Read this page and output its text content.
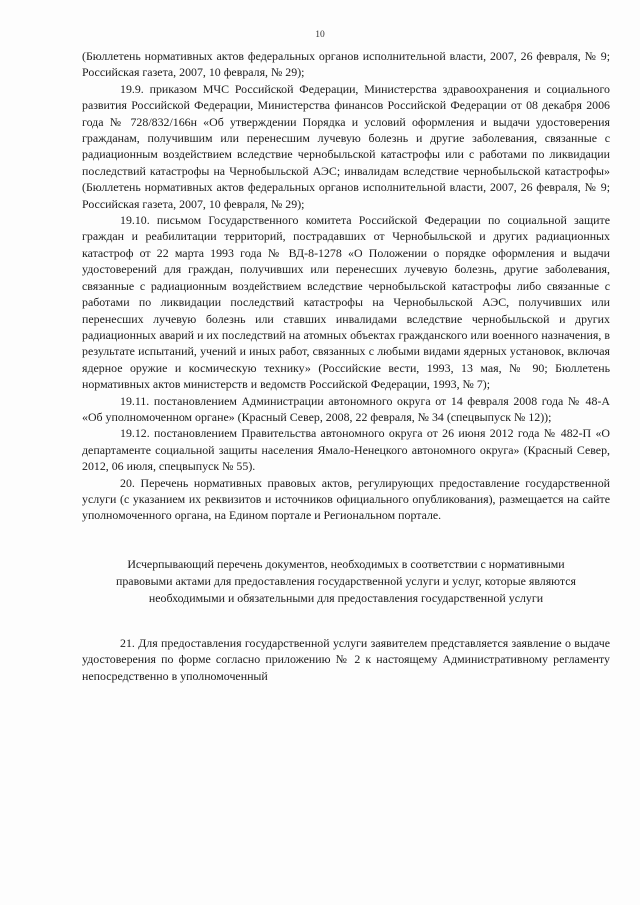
10

(Бюллетень нормативных актов федеральных органов исполнительной власти, 2007, 26 февраля, № 9; Российская газета, 2007, 10 февраля, № 29);

19.9. приказом МЧС Российской Федерации, Министерства здравоохранения и социального развития Российской Федерации, Министерства финансов Российской Федерации от 08 декабря 2006 года № 728/832/166н «Об утверждении Порядка и условий оформления и выдачи удостоверения гражданам, получившим или перенесшим лучевую болезнь и другие заболевания, связанные с радиационным воздействием вследствие чернобыльской катастрофы или с работами по ликвидации последствий катастрофы на Чернобыльской АЭС; инвалидам вследствие чернобыльской катастрофы» (Бюллетень нормативных актов федеральных органов исполнительной власти, 2007, 26 февраля, № 9; Российская газета, 2007, 10 февраля, № 29);

19.10. письмом Государственного комитета Российской Федерации по социальной защите граждан и реабилитации территорий, пострадавших от Чернобыльской и других радиационных катастроф от 22 марта 1993 года № ВД-8-1278 «О Положении о порядке оформления и выдачи удостоверений для граждан, получивших или перенесших лучевую болезнь, другие заболевания, связанные с радиационным воздействием вследствие чернобыльской катастрофы либо связанные с работами по ликвидации последствий катастрофы на Чернобыльской АЭС, получивших или перенесших лучевую болезнь или ставших инвалидами вследствие чернобыльской и других радиационных аварий и их последствий на атомных объектах гражданского или военного назначения, в результате испытаний, учений и иных работ, связанных с любыми видами ядерных установок, включая ядерное оружие и космическую технику» (Российские вести, 1993, 13 мая, № 90; Бюллетень нормативных актов министерств и ведомств Российской Федерации, 1993, № 7);

19.11. постановлением Администрации автономного округа от 14 февраля 2008 года № 48-А «Об уполномоченном органе» (Красный Север, 2008, 22 февраля, № 34 (спецвыпуск № 12));

19.12. постановлением Правительства автономного округа от 26 июня 2012 года № 482-П «О департаменте социальной защиты населения Ямало-Ненецкого автономного округа» (Красный Север, 2012, 06 июля, спецвыпуск № 55).

20. Перечень нормативных правовых актов, регулирующих предоставление государственной услуги (с указанием их реквизитов и источников официального опубликования), размещается на сайте уполномоченного органа, на Едином портале и Региональном портале.

Исчерпывающий перечень документов, необходимых в соответствии с нормативными правовыми актами для предоставления государственной услуги и услуг, которые являются необходимыми и обязательными для предоставления государственной услуги

21. Для предоставления государственной услуги заявителем представляется заявление о выдаче удостоверения по форме согласно приложению № 2 к настоящему Административному регламенту непосредственно в уполномоченный
